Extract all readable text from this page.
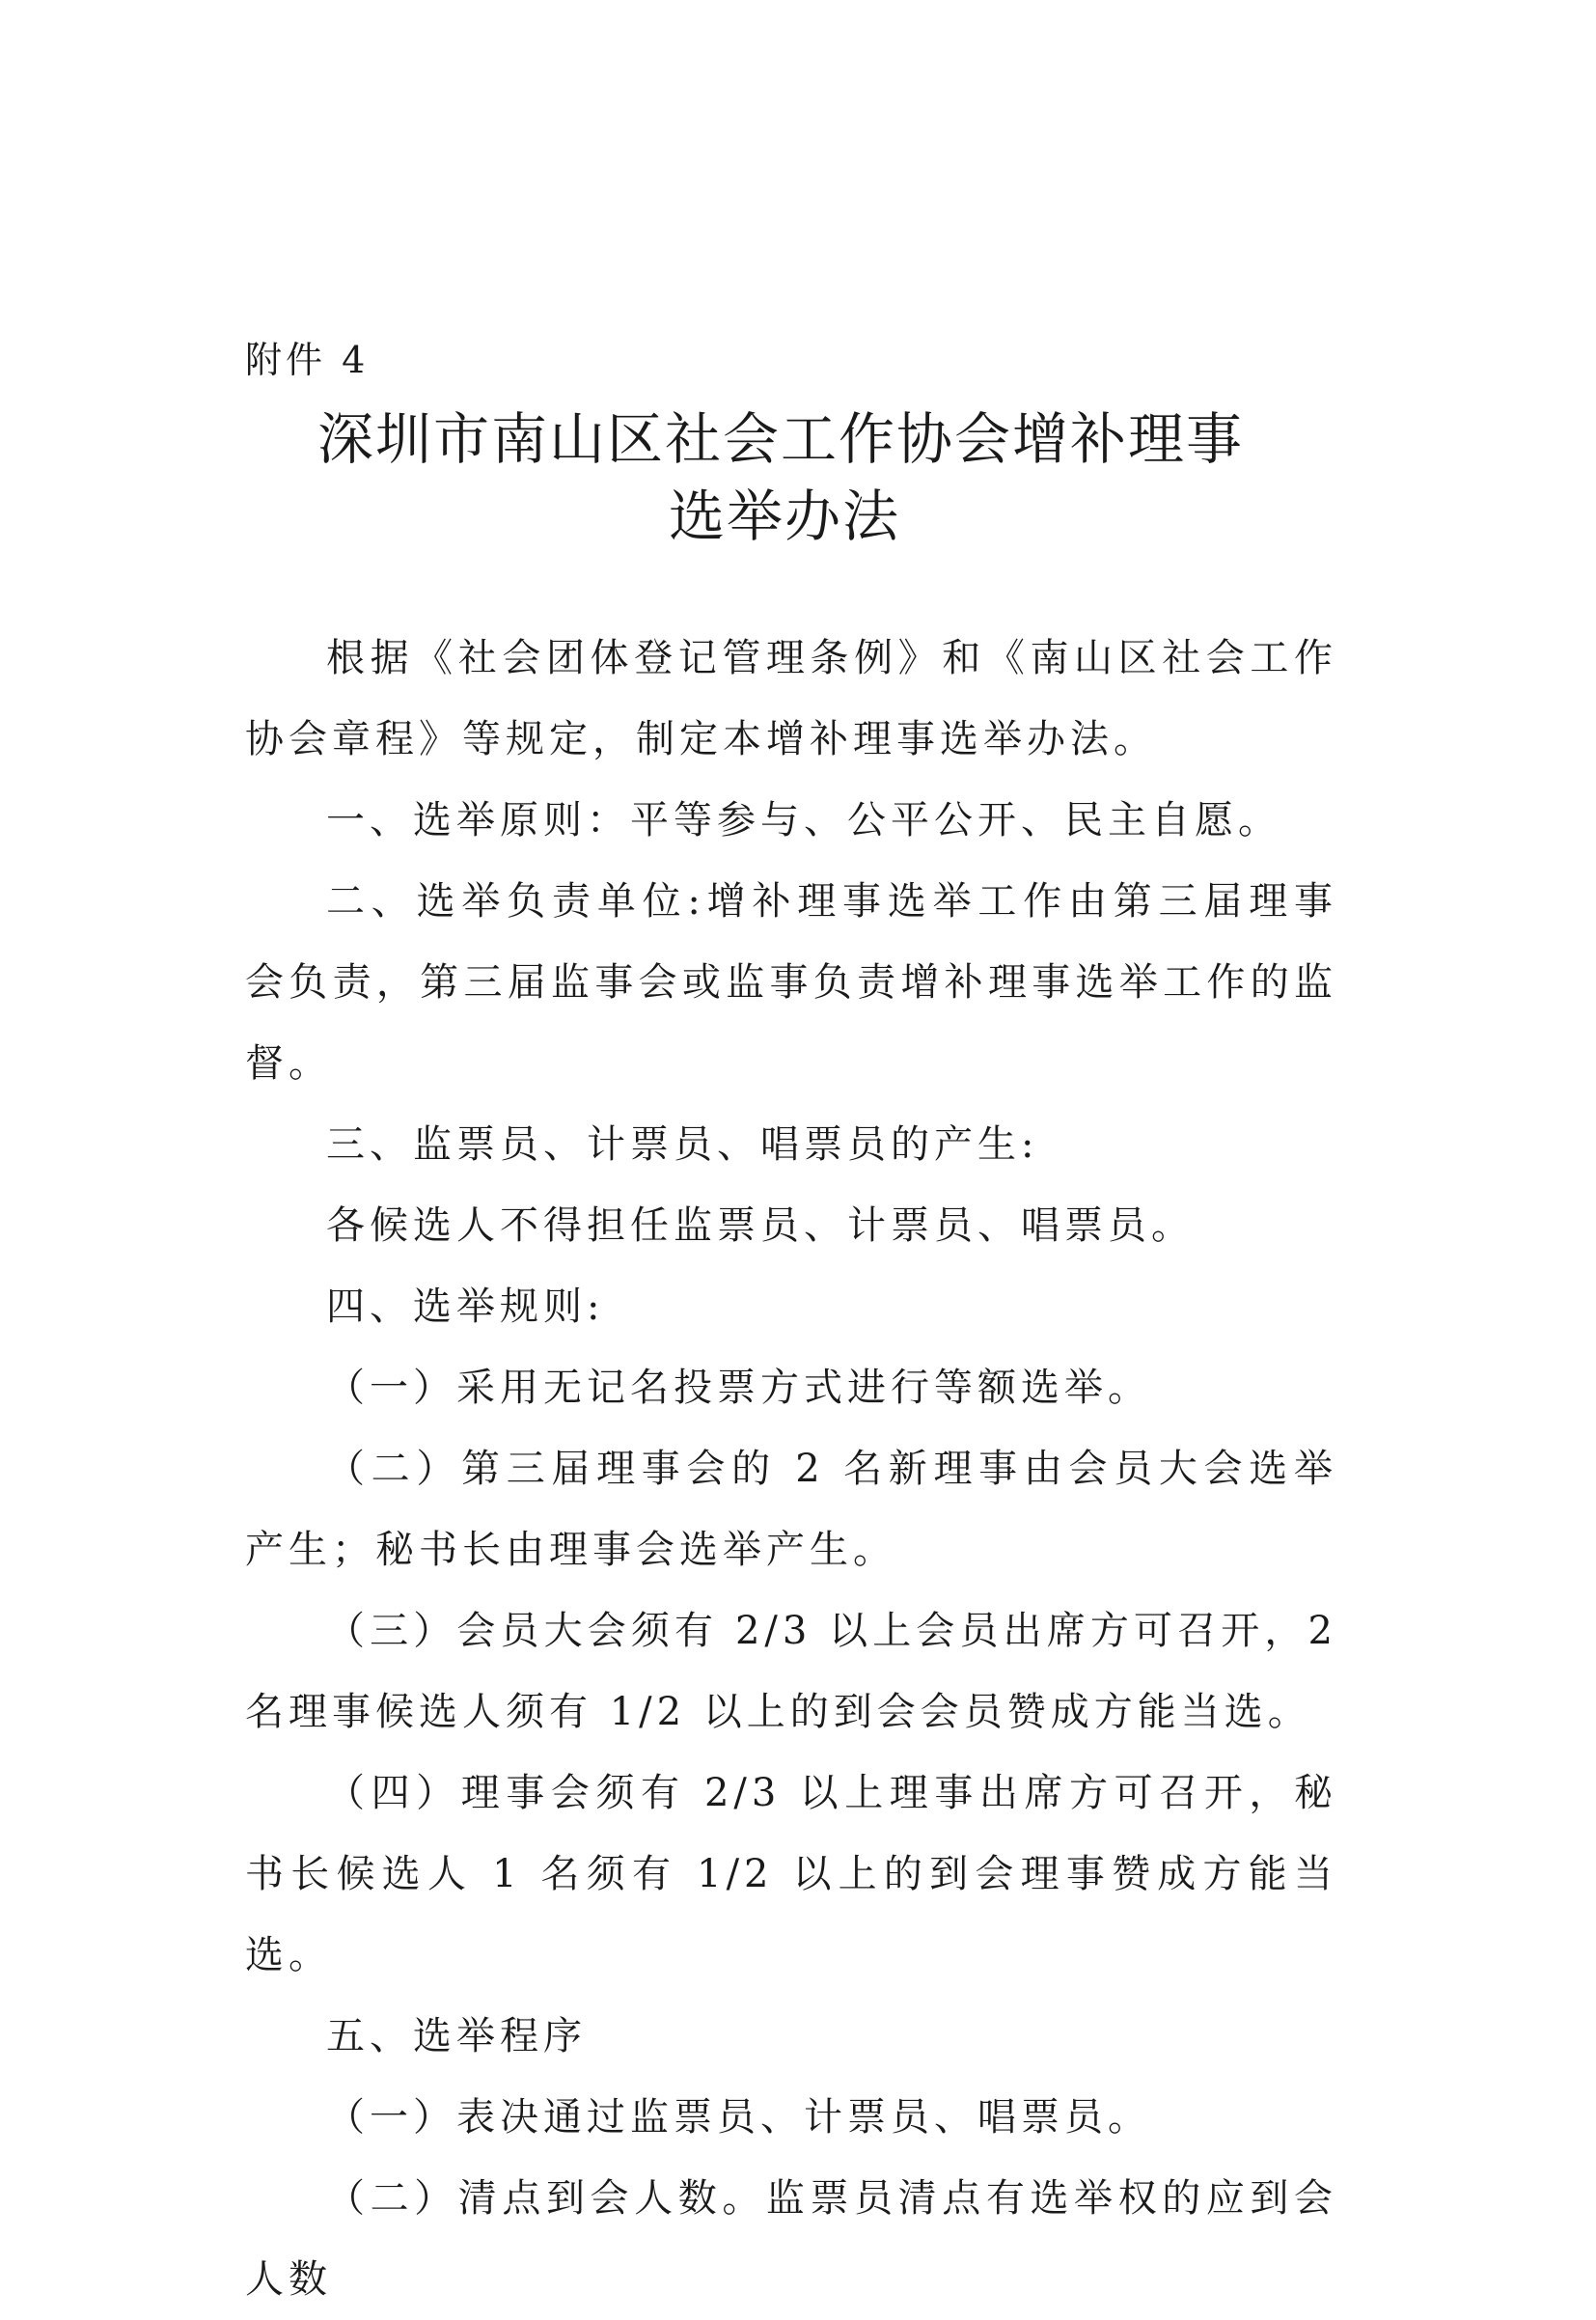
附件 4
深圳市南山区社会工作协会增补理事
选举办法

根据《社会团体登记管理条例》和《南山区社会工作协会章程》等规定，制定本增补理事选举办法。

一、选举原则：平等参与、公平公开、民主自愿。

二、选举负责单位:增补理事选举工作由第三届理事会负责，第三届监事会或监事负责增补理事选举工作的监督。

三、监票员、计票员、唱票员的产生:

各候选人不得担任监票员、计票员、唱票员。

四、选举规则:

（一）采用无记名投票方式进行等额选举。

（二）第三届理事会的 2 名新理事由会员大会选举产生；秘书长由理事会选举产生。

（三）会员大会须有 2/3 以上会员出席方可召开，2 名理事候选人须有 1/2 以上的到会会员赞成方能当选。

（四）理事会须有 2/3 以上理事出席方可召开，秘书长候选人 1 名须有 1/2 以上的到会理事赞成方能当选。

五、选举程序

（一）表决通过监票员、计票员、唱票员。

（二）清点到会人数。监票员清点有选举权的应到会人数
